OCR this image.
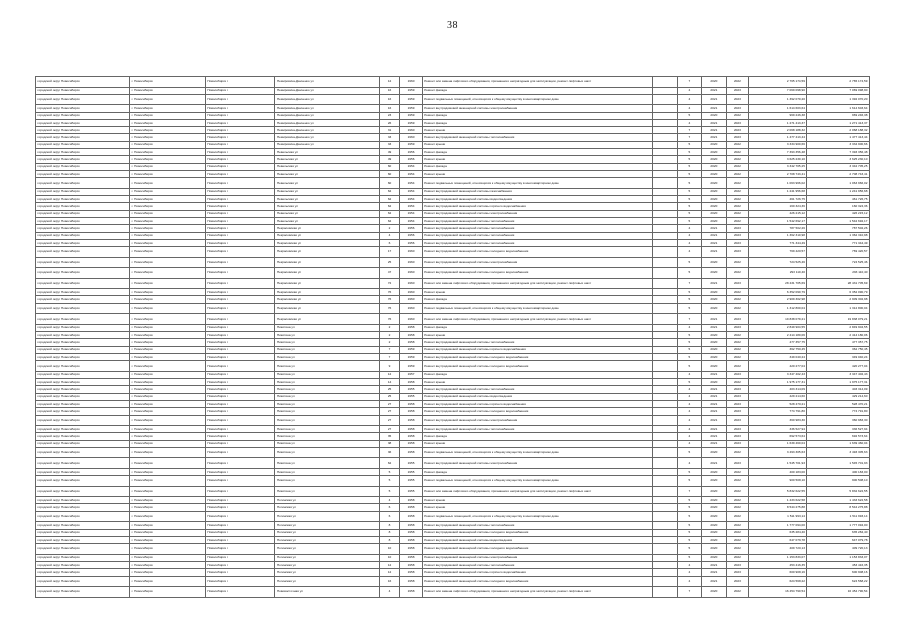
38
городской округ Новосибирск	г. Новосибирск	Новосибирск г	Немировича-Данченко ул	12	1960	Ремонт или замена лифтового оборудования, признанного непригодным для эксплуатации, ремонт лифтовых шахт		7	2020	2022	2 765 174,59	2 765 174,59
городской округ Новосибирск	г. Новосибирск	Новосибирск г	Немировича-Данченко ул	16	1959	Ремонт фасада		4	2021	2023	7 069 098,90	7 069 098,90
городской округ Новосибирск	г. Новосибирск	Новосибирск г	Немировича-Данченко ул	16	1959	Ремонт подвальных помещений, относящихся к общему имуществу в многоквартирном доме		4	2021	2023	1 392 070,20	1 392 070,20
городской округ Новосибирск	г. Новосибирск	Новосибирск г	Немировича-Данченко ул	16	1959	Ремонт внутридомовой инженерной системы электроснабжения		4	2021	2023	1 614 603,64	1 614 603,64
городской округ Новосибирск	г. Новосибирск	Новосибирск г	Немировича-Данченко ул	23	1959	Ремонт фасада		5	2020	2022	969 246,38	969 246,38
городской округ Новосибирск	г. Новосибирск	Новосибирск г	Немировича-Данченко ул	26	1959	Ремонт фасада		4	2021	2023	1 271 413,37	1 271 413,37
городской округ Новосибирск	г. Новосибирск	Новосибирск г	Немировича-Данченко ул	31	1960	Ремонт крыши		7	2021	2023	2 068 188,32	2 068 188,32
городской округ Новосибирск	г. Новосибирск	Новосибирск г	Немировича-Данченко ул	33	1960	Ремонт внутридомовой инженерной системы теплоснабжения		7	2021	2023	1 477 413,44	1 477 413,44
городской округ Новосибирск	г. Новосибирск	Новосибирск г	Немировича-Данченко ул	33	1959	Ремонт крыши		5	2020	2022	3 334 900,66	3 334 900,66
городской округ Новосибирск	г. Новосибирск	Новосибирск г	Невельская ул	49	1956	Ремонт фасада		5	2020	2022	7 393 356,48	7 393 356,48
городской округ Новосибирск	г. Новосибирск	Новосибирск г	Невельская ул	49	1956	Ремонт крыши		5	2020	2022	3 625 230,10	3 625 230,10
городской округ Новосибирск	г. Новосибирск	Новосибирск г	Невельская ул	60	1954	Ремонт фасада		5	2020	2022	3 342 705,25	3 342 705,25
городской округ Новосибирск	г. Новосибирск	Новосибирск г	Невельская ул	60	1954	Ремонт крыши		5	2020	2022	2 708 743,41	2 708 743,41
городской округ Новосибирск	г. Новосибирск	Новосибирск г	Невельская ул	60	1954	Ремонт подвальных помещений, относящихся к общему имуществу в многоквартирном доме		5	2020	2022	1 063 966,02	1 063 966,02
городской округ Новосибирск	г. Новосибирск	Новосибирск г	Невельская ул	62	1954	Ремонт внутридомовой инженерной системы газоснабжения		5	2020	2022	1 241 956,68	1 241 956,68
городской округ Новосибирск	г. Новосибирск	Новосибирск г	Невельская ул	62	1954	Ремонт внутридомовой инженерной системы водоотведения		5	2020	2022	461 726,75	461 726,75
городской округ Новосибирск	г. Новосибирск	Новосибирск г	Невельская ул	62	1954	Ремонт внутридомовой инженерной системы горячего водоснабжения		5	2020	2022	160 324,36	160 324,36
городской округ Новосибирск	г. Новосибирск	Новосибирск г	Невельская ул	62	1954	Ремонт внутридомовой инженерной системы электроснабжения		5	2020	2022	426 215,12	426 215,12
городской округ Новосибирск	г. Новосибирск	Новосибирск г	Невельская ул	62	1954	Ремонт внутридомовой инженерной системы теплоснабжения		5	2020	2022	1 542 692,17	1 542 692,17
городской округ Новосибирск	г. Новосибирск	Новосибирск г	Некрасовская ул	2	1956	Ремонт внутридомовой инженерной системы теплоснабжения		4	2021	2023	787 502,26	787 502,26
городской округ Новосибирск	г. Новосибирск	Новосибирск г	Некрасовская ул	4	1956	Ремонт внутридомовой инженерной системы теплоснабжения		4	2021	2023	1 362 310,98	1 362 310,98
городской округ Новосибирск	г. Новосибирск	Новосибирск г	Некрасовская ул	6	1956	Ремонт внутридомовой инженерной системы теплоснабжения		4	2021	2023	771 344,49	771 344,49
городской округ Новосибирск	г. Новосибирск	Новосибирск г	Некрасовская ул	17	1960	Ремонт внутридомовой инженерной системы холодного водоснабжения		4	2021	2023	769 420,57	769 420,57
городской округ Новосибирск	г. Новосибирск	Новосибирск г	Некрасовская ул	25	1960	Ремонт внутридомовой инженерной системы электроснабжения		5	2020	2022	724 525,46	724 525,46
городской округ Новосибирск	г. Новосибирск	Новосибирск г	Некрасовская ул	47	1960	Ремонт внутридомовой инженерной системы холодного водоснабжения		5	2020	2022	293 110,40	293 110,40
городской округ Новосибирск	г. Новосибирск	Новосибирск г	Некрасовская ул	72	1960	Ремонт или замена лифтового оборудования, признанного непригодным для эксплуатации, ремонт лифтовых шахт		7	2021	2023	28 431 705,69	28 431 705,69
городской округ Новосибирск	г. Новосибирск	Новосибирск г	Некрасовская ул	76	1960	Ремонт крыши		5	2020	2022	6 352 090,79	6 352 090,79
городской округ Новосибирск	г. Новосибирск	Новосибирск г	Некрасовская ул	76	1960	Ремонт фасада		5	2020	2022	2 909 302,98	2 909 302,98
городской округ Новосибирск	г. Новосибирск	Новосибирск г	Некрасовская ул	76	1960	Ремонт подвальных помещений, относящихся к общему имуществу в многоквартирном доме		5	2020	2022	1 312 800,04	1 312 800,04
городской округ Новосибирск	г. Новосибирск	Новосибирск г	Некрасовская ул	76	1960	Ремонт или замена лифтового оборудования, признанного непригодным для эксплуатации, ремонт лифтовых шахт		7	2021	2023	19 838 079,21	19 838 079,21
городской округ Новосибирск	г. Новосибирск	Новосибирск г	Никитина ул	2	1958	Ремонт фасада		4	2021	2023	2 849 904,55	2 849 904,55
городской округ Новосибирск	г. Новосибирск	Новосибирск г	Никитина ул	2	1958	Ремонт крыши		5	2020	2022	2 414 180,06	2 414 180,06
городской округ Новосибирск	г. Новосибирск	Новосибирск г	Никитина ул	2	1958	Ремонт внутридомовой инженерной системы теплоснабжения		5	2020	2022	477 357,75	477 357,75
городской округ Новосибирск	г. Новосибирск	Новосибирск г	Никитина ул	7	1959	Ремонт внутридомовой инженерной системы горячего водоснабжения		5	2020	2022	362 750,45	362 750,45
городской округ Новосибирск	г. Новосибирск	Новосибирск г	Никитина ул	7	1959	Ремонт внутридомовой инженерной системы холодного водоснабжения		5	2020	2022	349 040,24	349 040,24
городской округ Новосибирск	г. Новосибирск	Новосибирск г	Никитина ул	9	1959	Ремонт внутридомовой инженерной системы холодного водоснабжения		5	2020	2022	420 277,04	420 277,04
городской округ Новосибирск	г. Новосибирск	Новосибирск г	Никитина ул	12	1957	Ремонт фасада		4	2021	2023	3 347 402,43	3 347 402,43
городской округ Новосибирск	г. Новосибирск	Новосибирск г	Никитина ул	14	1958	Ремонт крыши		5	2020	2022	1 975 177,31	1 975 177,31
городской округ Новосибирск	г. Новосибирск	Новосибирск г	Никитина ул	25	1955	Ремонт внутридомовой инженерной системы теплоснабжения		4	2021	2023	403 314,09	403 314,09
городской округ Новосибирск	г. Новосибирск	Новосибирск г	Никитина ул	25	1955	Ремонт внутридомовой инженерной системы водоотведения		4	2021	2023	429 214,60	429 214,60
городской округ Новосибирск	г. Новосибирск	Новосибирск г	Никитина ул	27	1958	Ремонт внутридомовой инженерной системы горячего водоснабжения		4	2021	2023	528 470,21	528 470,21
городской округ Новосибирск	г. Новосибирск	Новосибирск г	Никитина ул	27	1958	Ремонт внутридомовой инженерной системы холодного водоснабжения		4	2021	2023	774 791,80	774 791,80
городской округ Новосибирск	г. Новосибирск	Новосибирск г	Никитина ул	27	1958	Ремонт внутридомовой инженерной системы электроснабжения		4	2021	2023	360 983,30	360 983,30
городской округ Новосибирск	г. Новосибирск	Новосибирск г	Никитина ул	27	1958	Ремонт внутридомовой инженерной системы теплоснабжения		4	2021	2023	336 527,94	336 527,94
городской округ Новосибирск	г. Новосибирск	Новосибирск г	Никитина ул	35	1958	Ремонт фасада		4	2021	2023	692 573,64	692 573,64
городской округ Новосибирск	г. Новосибирск	Новосибирск г	Никитина ул	38	1958	Ремонт крыши		4	2021	2023	1 639 460,04	1 639 460,04
городской округ Новосибирск	г. Новосибирск	Новосибирск г	Никитина ул	36	1958	Ремонт подвальных помещений, относящихся к общему имуществу в многоквартирном доме		5	2020	2022	3 493 305,63	3 493 305,63
городской округ Новосибирск	г. Новосибирск	Новосибирск г	Никитина ул	62	1955	Ремонт внутридомовой инженерной системы электроснабжения		4	2021	2023	1 545 701,93	1 545 701,93
городской округ Новосибирск	г. Новосибирск	Новосибирск г	Никитина ул	5	1955	Ремонт фасада		5	2020	2022	400 183,00	400 183,00
городской округ Новосибирск	г. Новосибирск	Новосибирск г	Никитина ул	5	1955	Ремонт подвальных помещений, относящихся к общему имуществу в многоквартирном доме		5	2020	2022	900 508,10	900 508,10
городской округ Новосибирск	г. Новосибирск	Новосибирск г	Никитина ул	5	1955	Ремонт или замена лифтового оборудования, признанного непригодным для эксплуатации, ремонт лифтовых шахт		7	2020	2022	5 832 622,55	5 832 622,55
городской округ Новосибирск	г. Новосибирск	Новосибирск г	Ногинская ул	4	1958	Ремонт крыши		5	2020	2022	1 433 622,58	1 433 622,58
городской округ Новосибирск	г. Новосибирск	Новосибирск г	Ногинская ул	6	1958	Ремонт крыши		5	2020	2022	8 544 275,88	8 544 275,88
городской округ Новосибирск	г. Новосибирск	Новосибирск г	Ногинская ул	6	1958	Ремонт подвальных помещений, относящихся к общему имуществу в многоквартирном доме		5	2020	2022	1 511 993,14	1 511 993,14
городской округ Новосибирск	г. Новосибирск	Новосибирск г	Ногинская ул	8	1958	Ремонт внутридомовой инженерной системы теплоснабжения		5	2020	2022	1 777 094,00	1 777 094,00
городской округ Новосибирск	г. Новосибирск	Новосибирск г	Ногинская ул	8	1958	Ремонт внутридомовой инженерной системы холодного водоснабжения		5	2020	2022	635 284,40	635 284,40
городской округ Новосибирск	г. Новосибирск	Новосибирск г	Ногинская ул	8	1958	Ремонт внутридомовой инженерной системы водоотведения		5	2020	2022	647 079,78	647 079,78
городской округ Новосибирск	г. Новосибирск	Новосибирск г	Ногинская ул	10	1958	Ремонт внутридомовой инженерной системы холодного водоснабжения		5	2020	2022	409 720,13	409 720,13
городской округ Новосибирск	г. Новосибирск	Новосибирск г	Ногинская ул	10	1958	Ремонт внутридомовой инженерной системы электроснабжения		5	2020	2022	1 153 833,07	1 153 833,07
городской округ Новосибирск	г. Новосибирск	Новосибирск г	Ногинская ул	12	1958	Ремонт внутридомовой инженерной системы теплоснабжения		4	2021	2023	453 416,35	453 416,35
городской округ Новосибирск	г. Новосибирск	Новосибирск г	Ногинская ул	12	1958	Ремонт внутридомовой инженерной системы горячего водоснабжения		4	2021	2023	600 908,16	600 908,16
городской округ Новосибирск	г. Новосибирск	Новосибирск г	Ногинская ул	16	1958	Ремонт внутридомовой инженерной системы холодного водоснабжения		4	2021	2023	624 568,22	624 568,22
городской округ Новосибирск	г. Новосибирск	Новосибирск г	Нововосточная ул	4	1958	Ремонт или замена лифтового оборудования, признанного непригодным для эксплуатации, ремонт лифтовых шахт		7	2020	2022	16 454 790,54	16 454 790,54
